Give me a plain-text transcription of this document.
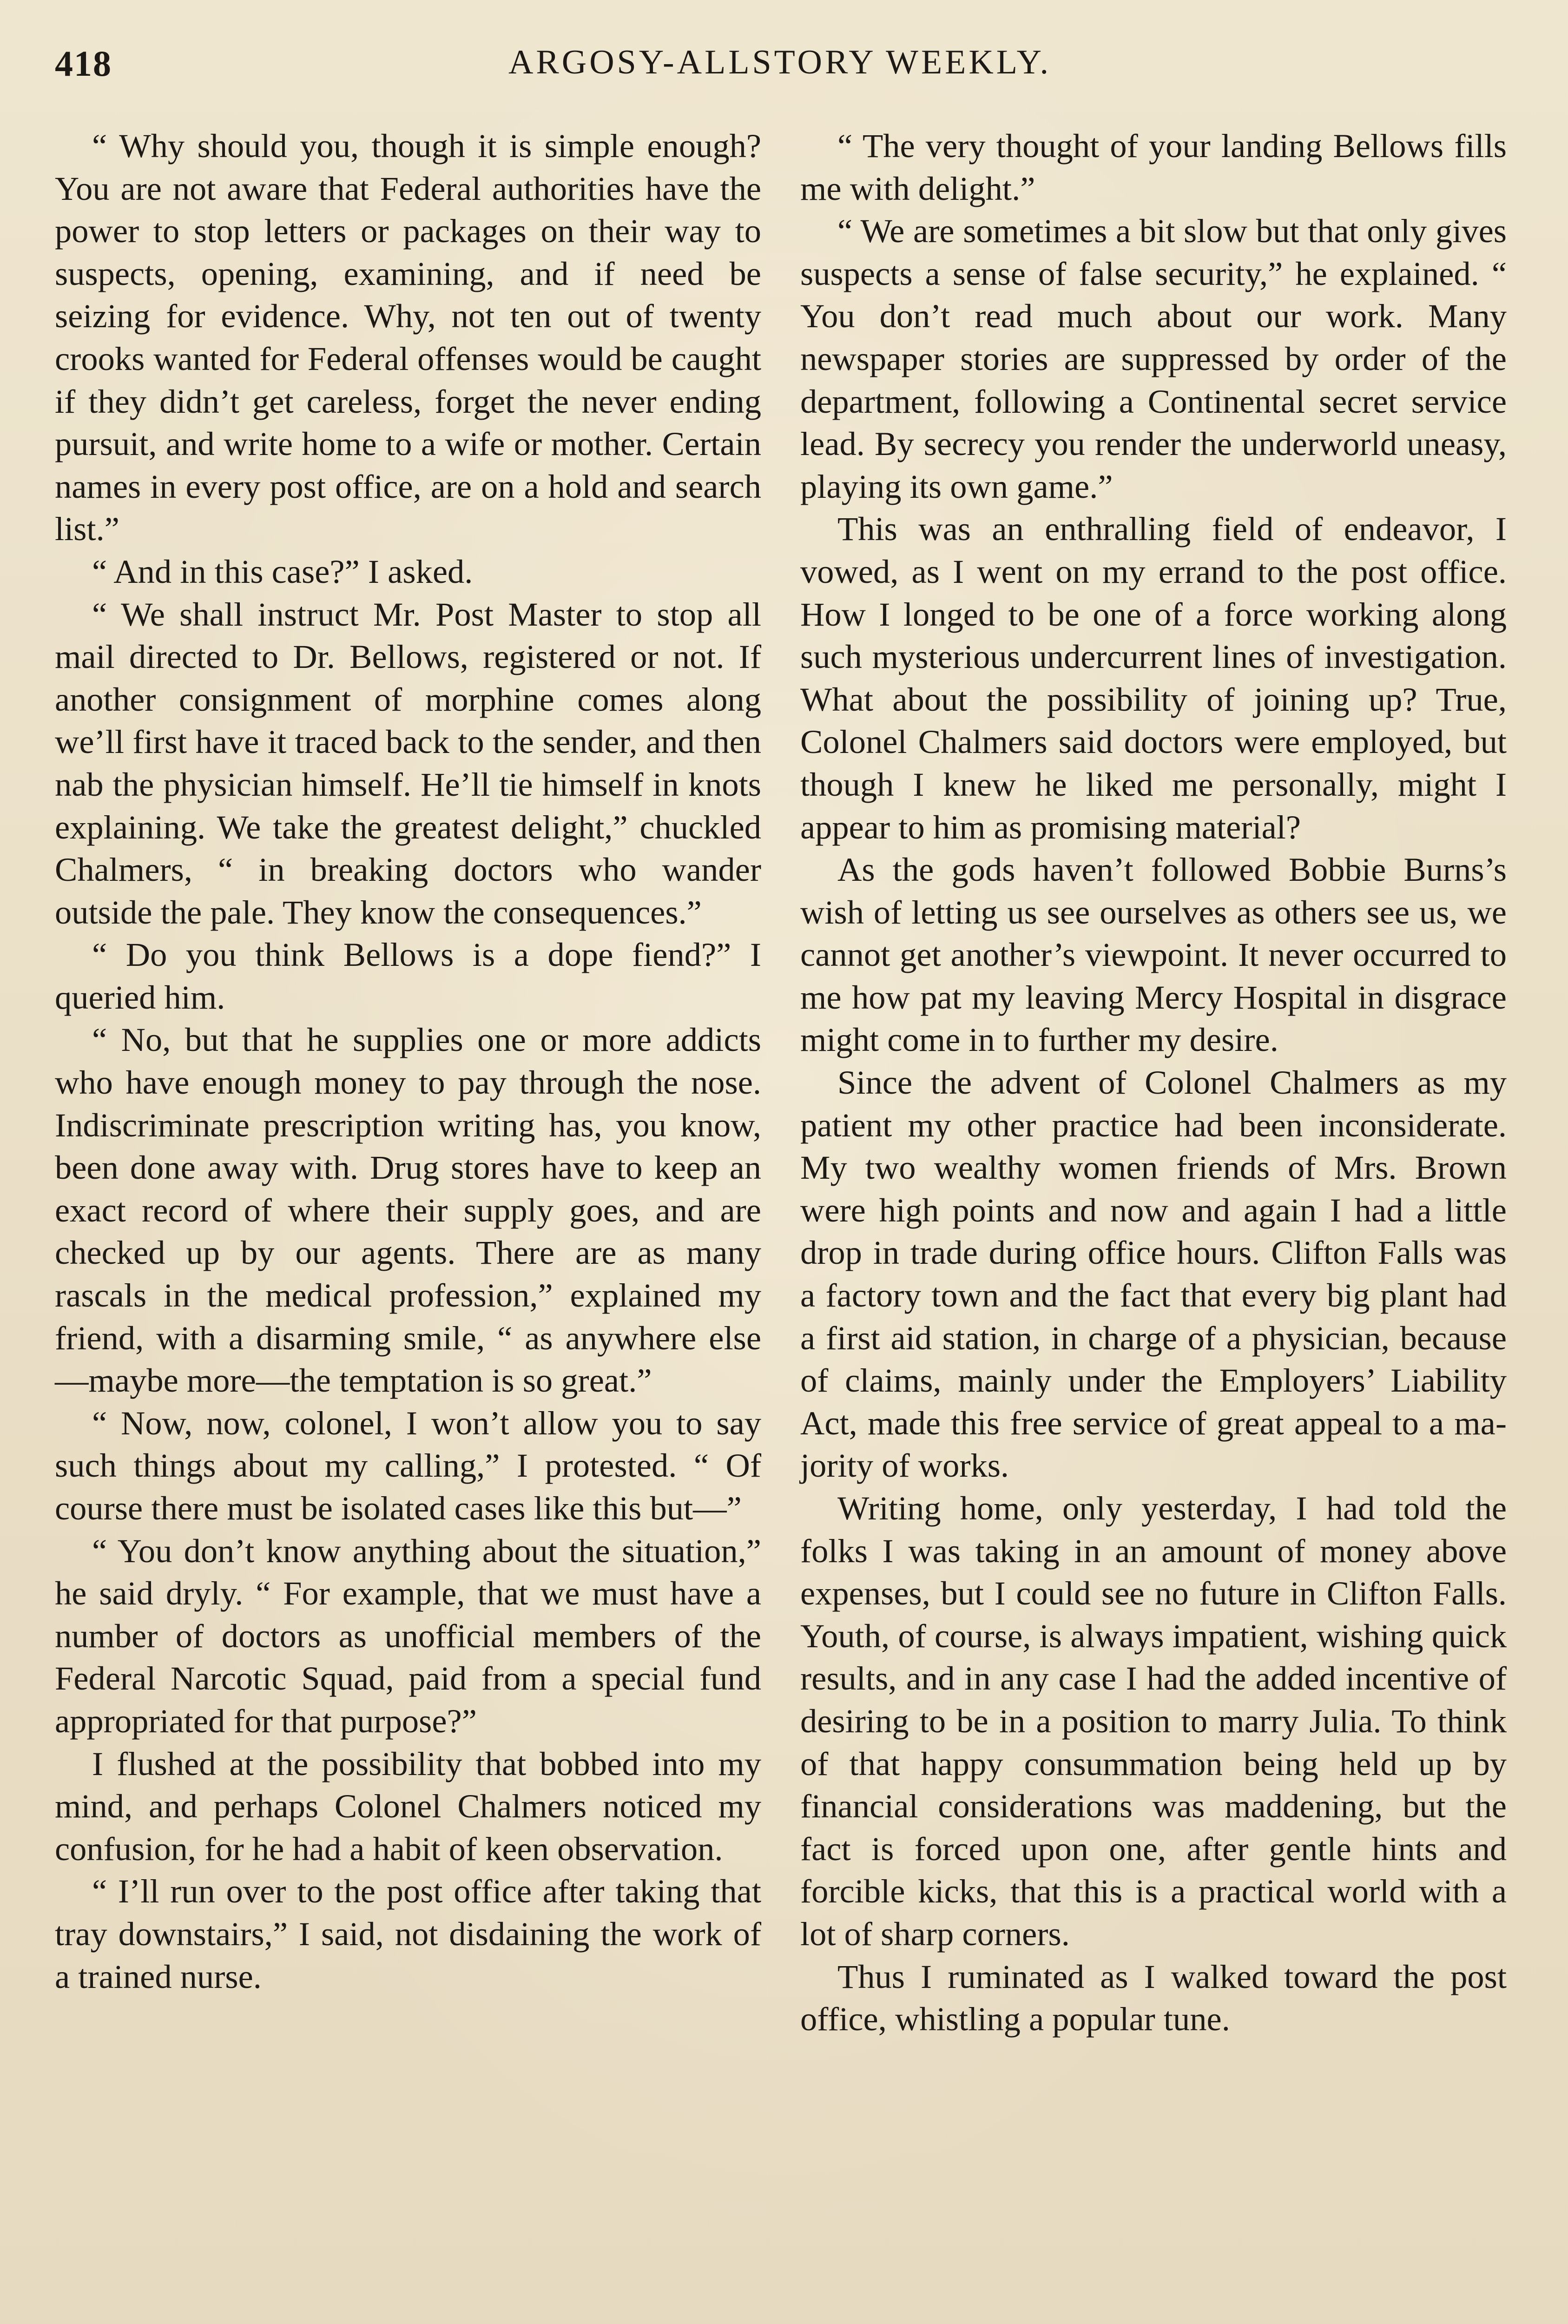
418	ARGOSY-ALLSTORY WEEKLY.

“ Why should you, though it is simple enough? You are not aware that Federal authorities have the power to stop letters or packages on their way to suspects, opening, examining, and if need be seizing for evidence. Why, not ten out of twenty crooks wanted for Federal offenses would be caught if they didn’t get careless, forget the never ending pursuit, and write home to a wife or mother. Certain names in every post office, are on a hold and search list.”

“ And in this case?” I asked.

“ We shall instruct Mr. Post Master to stop all mail directed to Dr. Bellows, registered or not. If another consignment of morphine comes along we’ll first have it traced back to the sender, and then nab the physician himself. He’ll tie himself in knots explaining. We take the greatest delight,” chuckled Chalmers, “ in breaking doctors who wander outside the pale. They know the consequences.”

“ Do you think Bellows is a dope fiend?” I queried him.

“ No, but that he supplies one or more addicts who have enough money to pay through the nose. Indiscriminate prescription writing has, you know, been done away with. Drug stores have to keep an exact record of where their supply goes, and are checked up by our agents. There are as many rascals in the medical profession,” explained my friend, with a disarming smile, “ as anywhere else—maybe more—the temptation is so great.”

“ Now, now, colonel, I won’t allow you to say such things about my calling,” I protested. “ Of course there must be isolated cases like this but—”

“ You don’t know anything about the situation,” he said dryly. “ For example, that we must have a number of doctors as unofficial members of the Federal Narcotic Squad, paid from a special fund appropriated for that purpose?”

I flushed at the possibility that bobbed into my mind, and perhaps Colonel Chalmers noticed my confusion, for he had a habit of keen observation.

“ I’ll run over to the post office after taking that tray downstairs,” I said, not disdaining the work of a trained nurse.

“ The very thought of your landing Bellows fills me with delight.”

“ We are sometimes a bit slow but that only gives suspects a sense of false security,” he explained. “ You don’t read much about our work. Many newspaper stories are suppressed by order of the department, following a Continental secret service lead. By secrecy you render the underworld uneasy, playing its own game.”

This was an enthralling field of endeavor, I vowed, as I went on my errand to the post office. How I longed to be one of a force working along such mysterious undercurrent lines of investigation. What about the possibility of joining up? True, Colonel Chalmers said doctors were employed, but though I knew he liked me personally, might I appear to him as promising material?

As the gods haven’t followed Bobbie Burns’s wish of letting us see ourselves as others see us, we cannot get another’s viewpoint. It never occurred to me how pat my leaving Mercy Hospital in disgrace might come in to further my desire.

Since the advent of Colonel Chalmers as my patient my other practice had been inconsiderate. My two wealthy women friends of Mrs. Brown were high points and now and again I had a little drop in trade during office hours. Clifton Falls was a factory town and the fact that every big plant had a first aid station, in charge of a physician, because of claims, mainly under the Employers’ Liability Act, made this free service of great appeal to a majority of works.

Writing home, only yesterday, I had told the folks I was taking in an amount of money above expenses, but I could see no future in Clifton Falls. Youth, of course, is always impatient, wishing quick results, and in any case I had the added incentive of desiring to be in a position to marry Julia. To think of that happy consummation being held up by financial considerations was maddening, but the fact is forced upon one, after gentle hints and forcible kicks, that this is a practical world with a lot of sharp corners.

Thus I ruminated as I walked toward the post office, whistling a popular tune.
